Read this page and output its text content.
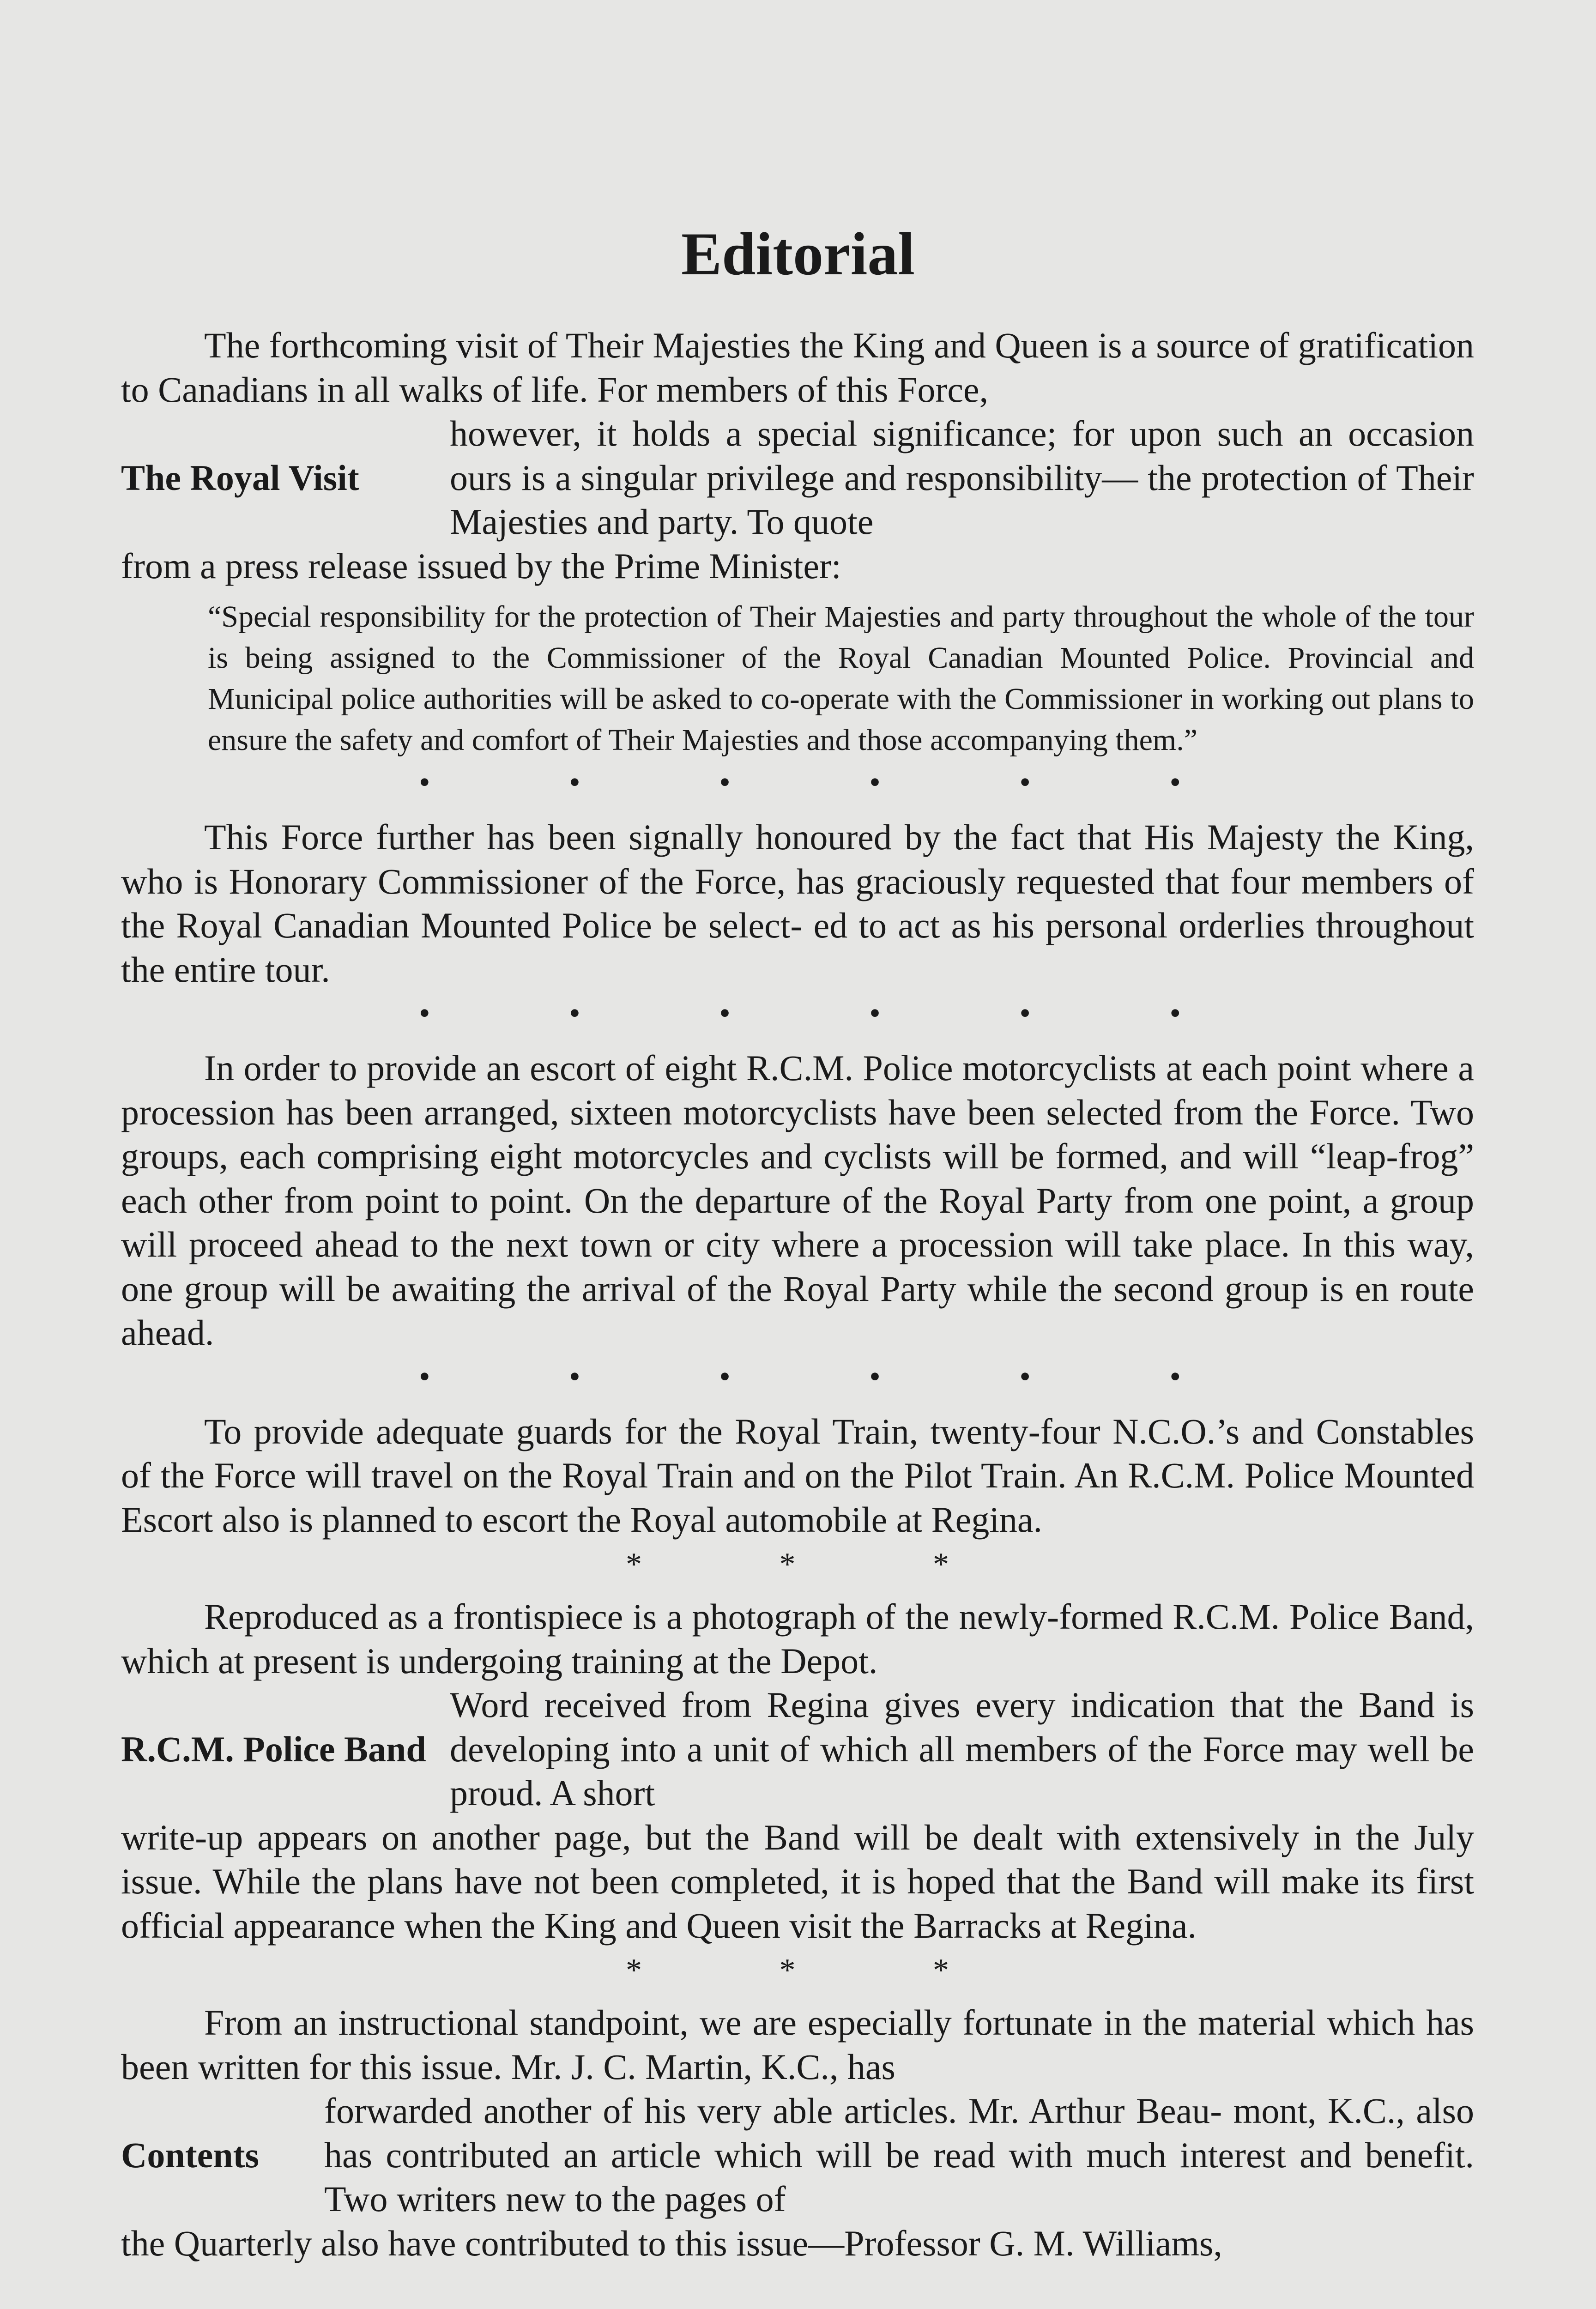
Editorial

The forthcoming visit of Their Majesties the King and Queen is a source of gratification to Canadians in all walks of life. For members of this Force,

The Royal Visit

however, it holds a special significance; for upon such an occasion ours is a singular privilege and responsibility— the protection of Their Majesties and party. To quote

from a press release issued by the Prime Minister:

“Special responsibility for the protection of Their Majesties and party throughout the whole of the tour is being assigned to the Commissioner of the Royal Canadian Mounted Police. Provincial and Municipal police authorities will be asked to co-operate with the Commissioner in working out plans to ensure the safety and comfort of Their Majesties and those accompanying them.”

•	•	•	•	•	•

This Force further has been signally honoured by the fact that His Majesty the King, who is Honorary Commissioner of the Force, has graciously requested that four members of the Royal Canadian Mounted Police be select- ed to act as his personal orderlies throughout the entire tour.

•	•	•	•	•	•

In order to provide an escort of eight R.C.M. Police motorcyclists at each point where a procession has been arranged, sixteen motorcyclists have been selected from the Force. Two groups, each comprising eight motorcycles and cyclists will be formed, and will “leap-frog” each other from point to point. On the departure of the Royal Party from one point, a group will proceed ahead to the next town or city where a procession will take place. In this way, one group will be awaiting the arrival of the Royal Party while the second group is en route ahead.

•	•	•	•	•	•

To provide adequate guards for the Royal Train, twenty-four N.C.O.’s and Constables of the Force will travel on the Royal Train and on the Pilot Train. An R.C.M. Police Mounted Escort also is planned to escort the Royal automobile at Regina.

*	*	*

Reproduced as a frontispiece is a photograph of the newly-formed R.C.M. Police Band, which at present is undergoing training at the Depot.

R.C.M. Police Band

Word received from Regina gives every indication that the Band is developing into a unit of which all members of the Force may well be proud. A short

write-up appears on another page, but the Band will be dealt with extensively in the July issue. While the plans have not been completed, it is hoped that the Band will make its first official appearance when the King and Queen visit the Barracks at Regina.

*	*	*

From an instructional standpoint, we are especially fortunate in the material which has been written for this issue. Mr. J. C. Martin, K.C., has

Contents

forwarded another of his very able articles. Mr. Arthur Beau- mont, K.C., also has contributed an article which will be read with much interest and benefit. Two writers new to the pages of

the Quarterly also have contributed to this issue—Professor G. M. Williams,
